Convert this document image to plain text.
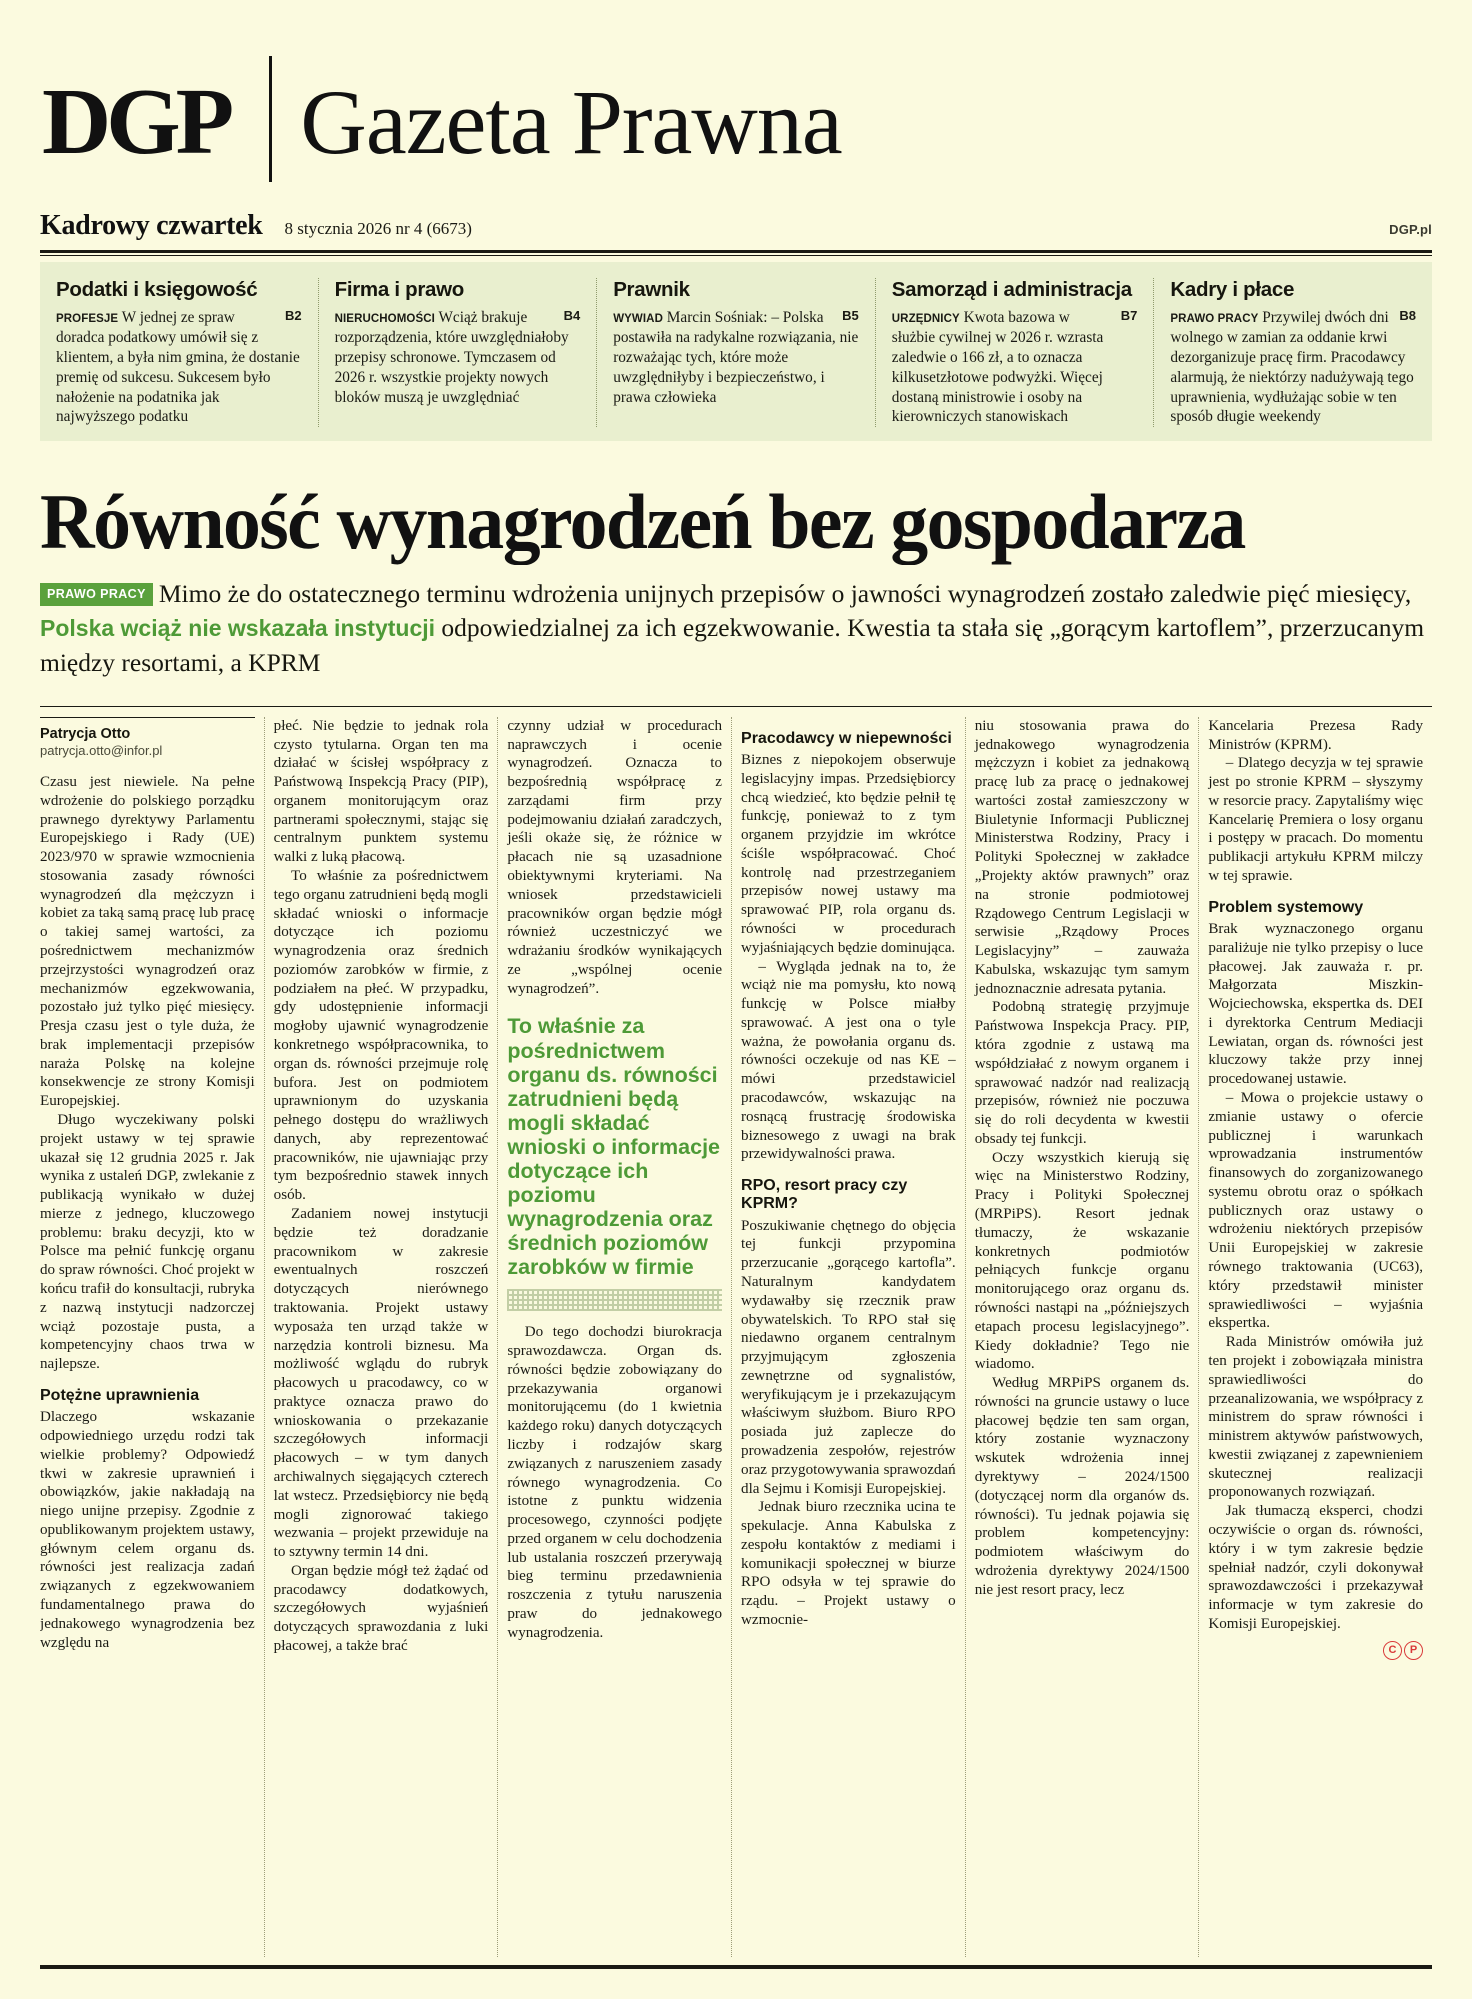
DGP Gazeta Prawna
Kadrowy czwartek 8 stycznia 2026 nr 4 (6673)	DGP.pl
Podatki i księgowość
B2
PROFESJE W jednej ze spraw doradca podatkowy umówił się z klientem, a była nim gmina, że dostanie premię od sukcesu. Sukcesem było nałożenie na podatnika jak najwyższego podatku
Firma i prawo
B4
NIERUCHOMOŚCI Wciąż brakuje rozporządzenia, które uwzględniałoby przepisy schronowe. Tymczasem od 2026 r. wszystkie projekty nowych bloków muszą je uwzględniać
Prawnik
B5
WYWIAD Marcin Sośniak: – Polska postawiła na radykalne rozwiązania, nie rozważając tych, które może uwzględniłyby i bezpieczeństwo, i prawa człowieka
Samorząd i administracja
B7
URZĘDNICY Kwota bazowa w służbie cywilnej w 2026 r. wzrasta zaledwie o 166 zł, a to oznacza kilkusetzłotowe podwyżki. Więcej dostaną ministrowie i osoby na kierowniczych stanowiskach
Kadry i płace
B8
PRAWO PRACY Przywilej dwóch dni wolnego w zamian za oddanie krwi dezorganizuje pracę firm. Pracodawcy alarmują, że niektórzy nadużywają tego uprawnienia, wydłużając sobie w ten sposób długie weekendy
Równość wynagrodzeń bez gospodarza
PRAWO PRACY Mimo że do ostatecznego terminu wdrożenia unijnych przepisów o jawności wynagrodzeń zostało zaledwie pięć miesięcy, Polska wciąż nie wskazała instytucji odpowiedzialnej za ich egzekwowanie. Kwestia ta stała się „gorącym kartoflem”, przerzucanym między resortami, a KPRM
Patrycja Otto
patrycja.otto@infor.pl

Czasu jest niewiele. Na pełne wdrożenie do polskiego porządku prawnego dyrektywy Parlamentu Europejskiego i Rady (UE) 2023/970 w sprawie wzmocnienia stosowania zasady równości wynagrodzeń dla mężczyzn i kobiet za taką samą pracę lub pracę o takiej samej wartości, za pośrednictwem mechanizmów przejrzystości wynagrodzeń oraz mechanizmów egzekwowania, pozostało już tylko pięć miesięcy. Presja czasu jest o tyle duża, że brak implementacji przepisów naraża Polskę na kolejne konsekwencje ze strony Komisji Europejskiej.

Długo wyczekiwany polski projekt ustawy w tej sprawie ukazał się 12 grudnia 2025 r. Jak wynika z ustaleń DGP, zwlekanie z publikacją wynikało w dużej mierze z jednego, kluczowego problemu: braku decyzji, kto w Polsce ma pełnić funkcję organu do spraw równości. Choć projekt w końcu trafił do konsultacji, rubryka z nazwą instytucji nadzorczej wciąż pozostaje pusta, a kompetencyjny chaos trwa w najlepsze.

Potężne uprawnienia

Dlaczego wskazanie odpowiedniego urzędu rodzi tak wielkie problemy? Odpowiedź tkwi w zakresie uprawnień i obowiązków, jakie nakładają na niego unijne przepisy. Zgodnie z opublikowanym projektem ustawy, głównym celem organu ds. równości jest realizacja zadań związanych z egzekwowaniem fundamentalnego prawa do jednakowego wynagrodzenia bez względu na

płeć. Nie będzie to jednak rola czysto tytularna. Organ ten ma działać w ścisłej współpracy z Państwową Inspekcją Pracy (PIP), organem monitorującym oraz partnerami społecznymi, stając się centralnym punktem systemu walki z luką płacową.

To właśnie za pośrednictwem tego organu zatrudnieni będą mogli składać wnioski o informacje dotyczące ich poziomu wynagrodzenia oraz średnich poziomów zarobków w firmie, z podziałem na płeć. W przypadku, gdy udostępnienie informacji mogłoby ujawnić wynagrodzenie konkretnego współpracownika, to organ ds. równości przejmuje rolę bufora. Jest on podmiotem uprawnionym do uzyskania pełnego dostępu do wrażliwych danych, aby reprezentować pracowników, nie ujawniając przy tym bezpośrednio stawek innych osób.

Zadaniem nowej instytucji będzie też doradzanie pracownikom w zakresie ewentualnych roszczeń dotyczących nierównego traktowania. Projekt ustawy wyposaża ten urząd także w narzędzia kontroli biznesu. Ma możliwość wglądu do rubryk płacowych u pracodawcy, co w praktyce oznacza prawo do wnioskowania o przekazanie szczegółowych informacji płacowych – w tym danych archiwalnych sięgających czterech lat wstecz. Przedsiębiorcy nie będą mogli zignorować takiego wezwania – projekt przewiduje na to sztywny termin 14 dni.

Organ będzie mógł też żądać od pracodawcy dodatkowych, szczegółowych wyjaśnień dotyczących sprawozdania z luki płacowej, a także brać

czynny udział w procedurach naprawczych i ocenie wynagrodzeń. Oznacza to bezpośrednią współpracę z zarządami firm przy podejmowaniu działań zaradczych, jeśli okaże się, że różnice w płacach nie są uzasadnione obiektywnymi kryteriami. Na wniosek przedstawicieli pracowników organ będzie mógł również uczestniczyć we wdrażaniu środków wynikających ze „wspólnej ocenie wynagrodzeń”.

To właśnie za pośrednictwem organu ds. równości zatrudnieni będą mogli składać wnioski o informacje dotyczące ich poziomu wynagrodzenia oraz średnich poziomów zarobków w firmie

Do tego dochodzi biurokracja sprawozdawcza. Organ ds. równości będzie zobowiązany do przekazywania organowi monitorującemu (do 1 kwietnia każdego roku) danych dotyczących liczby i rodzajów skarg związanych z naruszeniem zasady równego wynagrodzenia. Co istotne z punktu widzenia procesowego, czynności podjęte przed organem w celu dochodzenia lub ustalania roszczeń przerywają bieg terminu przedawnienia roszczenia z tytułu naruszenia praw do jednakowego wynagrodzenia.

Pracodawcy w niepewności

Biznes z niepokojem obserwuje legislacyjny impas. Przedsiębiorcy chcą wiedzieć, kto będzie pełnił tę funkcję, ponieważ to z tym organem przyjdzie im wkrótce ściśle współpracować. Choć kontrolę nad przestrzeganiem przepisów nowej ustawy ma sprawować PIP, rola organu ds. równości w procedurach wyjaśniających będzie dominująca.

– Wygląda jednak na to, że wciąż nie ma pomysłu, kto nową funkcję w Polsce miałby sprawować. A jest ona o tyle ważna, że powołania organu ds. równości oczekuje od nas KE – mówi przedstawiciel pracodawców, wskazując na rosnącą frustrację środowiska biznesowego z uwagi na brak przewidywalności prawa.

RPO, resort pracy czy KPRM?

Poszukiwanie chętnego do objęcia tej funkcji przypomina przerzucanie „gorącego kartofla”. Naturalnym kandydatem wydawałby się rzecznik praw obywatelskich. To RPO stał się niedawno organem centralnym przyjmującym zgłoszenia zewnętrzne od sygnalistów, weryfikującym je i przekazującym właściwym służbom. Biuro RPO posiada już zaplecze do prowadzenia zespołów, rejestrów oraz przygotowywania sprawozdań dla Sejmu i Komisji Europejskiej.

Jednak biuro rzecznika ucina te spekulacje. Anna Kabulska z zespołu kontaktów z mediami i komunikacji społecznej w biurze RPO odsyła w tej sprawie do rządu. – Projekt ustawy o wzmocnie-

niu stosowania prawa do jednakowego wynagrodzenia mężczyzn i kobiet za jednakową pracę lub za pracę o jednakowej wartości został zamieszczony w Biuletynie Informacji Publicznej Ministerstwa Rodziny, Pracy i Polityki Społecznej w zakładce „Projekty aktów prawnych” oraz na stronie podmiotowej Rządowego Centrum Legislacji w serwisie „Rządowy Proces Legislacyjny” – zauważa Kabulska, wskazując tym samym jednoznacznie adresata pytania.

Podobną strategię przyjmuje Państwowa Inspekcja Pracy. PIP, która zgodnie z ustawą ma współdziałać z nowym organem i sprawować nadzór nad realizacją przepisów, również nie poczuwa się do roli decydenta w kwestii obsady tej funkcji.

Oczy wszystkich kierują się więc na Ministerstwo Rodziny, Pracy i Polityki Społecznej (MRPiPS). Resort jednak tłumaczy, że wskazanie konkretnych podmiotów pełniących funkcje organu monitorującego oraz organu ds. równości nastąpi na „późniejszych etapach procesu legislacyjnego”. Kiedy dokładnie? Tego nie wiadomo.

Według MRPiPS organem ds. równości na gruncie ustawy o luce płacowej będzie ten sam organ, który zostanie wyznaczony wskutek wdrożenia innej dyrektywy – 2024/1500 (dotyczącej norm dla organów ds. równości). Tu jednak pojawia się problem kompetencyjny: podmiotem właściwym do wdrożenia dyrektywy 2024/1500 nie jest resort pracy, lecz

Kancelaria Prezesa Rady Ministrów (KPRM).

– Dlatego decyzja w tej sprawie jest po stronie KPRM – słyszymy w resorcie pracy. Zapytaliśmy więc Kancelarię Premiera o losy organu i postępy w pracach. Do momentu publikacji artykułu KPRM milczy w tej sprawie.

Problem systemowy

Brak wyznaczonego organu paraliżuje nie tylko przepisy o luce płacowej. Jak zauważa r. pr. Małgorzata Miszkin-Wojciechowska, ekspertka ds. DEI i dyrektorka Centrum Mediacji Lewiatan, organ ds. równości jest kluczowy także przy innej procedowanej ustawie.

– Mowa o projekcie ustawy o zmianie ustawy o ofercie publicznej i warunkach wprowadzania instrumentów finansowych do zorganizowanego systemu obrotu oraz o spółkach publicznych oraz ustawy o wdrożeniu niektórych przepisów Unii Europejskiej w zakresie równego traktowania (UC63), który przedstawił minister sprawiedliwości – wyjaśnia ekspertka.

Rada Ministrów omówiła już ten projekt i zobowiązała ministra sprawiedliwości do przeanalizowania, we współpracy z ministrem do spraw równości i ministrem aktywów państwowych, kwestii związanej z zapewnieniem skutecznej realizacji proponowanych rozwiązań.

Jak tłumaczą eksperci, chodzi oczywiście o organ ds. równości, który i w tym zakresie będzie spełniał nadzór, czyli dokonywał sprawozdawczości i przekazywał informacje w tym zakresie do Komisji Europejskiej.

C P
